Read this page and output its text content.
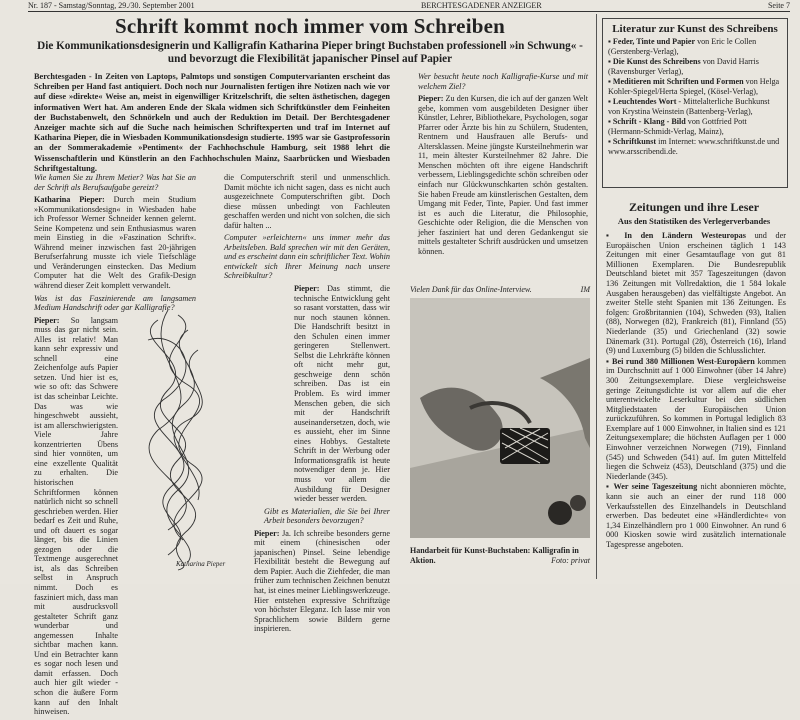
Nr. 187 - Samstag/Sonntag, 29./30. September 2001	BERCHTESGADENER ANZEIGER	Seite 7
Schrift kommt noch immer vom Schreiben
Die Kommunikationsdesignerin und Kalligrafin Katharina Pieper bringt Buchstaben professionell »in Schwung« - und bevorzugt die Flexibilität japanischer Pinsel auf Papier
Berchtesgaden - In Zeiten von Laptops, Palmtops und sonstigen Computervarianten erscheint das Schreiben per Hand fast antiquiert. Doch noch nur Journalisten fertigen ihre Notizen nach wie vor auf diese »direkte« Weise an, meist in eigenwilliger Kritzelschrift, die selten ästhetischen, dagegen informativen Wert hat. Am anderen Ende der Skala widmen sich Schriftkünstler dem Feinheiten der Buchstabenwelt, den Schnörkeln und auch der Reduktion im Detail. Der Berchtesgadener Anzeiger machte sich auf die Suche nach heimischen Schriftexperten und traf im Internet auf Katharina Pieper, die in Wiesbaden Kommunikationsdesign studierte. 1995 war sie Gastprofessorin an der Sommerakademie »Pentiment« der Fachhochschule Hamburg, seit 1988 lehrt die Wissenschaftlerin und Künstlerin an den Fachhochschulen Mainz, Saarbrücken und Wiesbaden Schriftgestaltung.

Wie kamen Sie zu Ihrem Metier? Was hat Sie an der Schrift als Berufsaufgabe gereizt?

Katharina Pieper: Durch mein Studium »Kommunikationsdesign« in Wiesbaden habe ich Professor Werner Schneider kennen gelernt. Seine Kompetenz und sein Enthusiasmus waren mein Einstieg in die »Faszination Schrift«. Während meiner inzwischen fast 20-jährigen Berufserfahrung musste ich viele Tiefschläge und Veränderungen einstecken. Das Medium Computer hat die Welt des Grafik-Design während dieser Zeit komplett verwandelt.

Was ist das Faszinierende am langsamen Medium Handschrift oder gar Kalligrafie?

Pieper: So langsam muss das gar nicht sein. Alles ist relativ! Man kann sehr expressiv und schnell eine Zeichenfolge aufs Papier setzen. Und hier ist es, wie so oft: das Schwere ist das scheinbar Leichte. Das was wie hingeschwebt aussieht, ist am allerschwierigsten. Viele Jahre konzentrierten Übens sind hier vonnöten, um eine exzellente Qualität zu erhalten. Die historischen Schriftformen können natürlich nicht so schnell geschrieben werden. Hier bedarf es Zeit und Ruhe, und oft dauert es sogar länger, bis die Linien gezogen oder die Textmenge ausgerechnet ist, als das Schreiben selbst in Anspruch nimmt. Doch es fasziniert mich, dass man mit ausdrucksvoll gestalteter Schrift ganz wunderbar und angemessen Inhalte sichtbar machen kann. Und ein Betrachter kann es sogar noch lesen und damit erfassen. Doch auch hier gilt wieder - schon die äußere Form kann auf den Inhalt hinweisen.

Katharina Pieper

die Computerschrift steril und unmenschlich. Damit möchte ich nicht sagen, dass es nicht auch ausgezeichnete Computerschriften gibt. Doch diese müssen unbedingt von Fachleuten geschaffen werden und nicht von solchen, die sich dafür halten ...

Computer »erleichtern« uns immer mehr das Arbeitsleben. Bald sprechen wir mit den Geräten, und es erscheint dann ein schriftlicher Text. Wohin entwickelt sich Ihrer Meinung nach unsere Schreibkultur?

Pieper: Das stimmt, die technische Entwicklung geht so rasant vorstatten, dass wir nur noch staunen können. Die Handschrift besitzt in den Schulen einen immer geringeren Stellenwert. Selbst die Lehrkräfte können oft nicht mehr gut, geschweige denn schön schreiben. Das ist ein Problem. Es wird immer Menschen geben, die sich mit der Handschrift auseinandersetzen, doch, wie es aussieht, eher im Sinne eines Hobbys. Gestaltete Schrift in der Werbung oder Informationsgrafik ist heute notwendiger denn je. Hier muss vor allem die Ausbildung für Designer wieder besser werden.

Gibt es Materialien, die Sie bei Ihrer Arbeit besonders bevorzugen?

Pieper: Ja. Ich schreibe besonders gerne mit einem (chinesischen oder japanischen) Pinsel. Seine lebendige Flexibilität besteht die Bewegung auf dem Papier. Auch die Ziehfeder, die man früher zum technischen Zeichnen benutzt hat, ist eines meiner Lieblingswerkzeuge. Hier entstehen expressive Schriftzüge von höchster Eleganz. Ich lasse mir von Sprachlichem sowie Bildern gerne inspirieren.

Wer besucht heute noch Kalligrafie-Kurse und mit welchem Ziel?

Pieper: Zu den Kursen, die ich auf der ganzen Welt gebe, kommen vom ausgebildeten Designer über Künstler, Lehrer, Bibliothekare, Psychologen, sogar Pfarrer oder Ärzte bis hin zu Schülern, Studenten, Rentnern und Hausfrauen alle Berufs- und Altersklassen. Meine jüngste Kursteilnehmerin war 11, mein ältester Kursteilnehmer 82 Jahre. Die Menschen möchten oft ihre eigene Handschrift verbessern, Lieblingsgedichte schön schreiben oder einfach nur Glückwunschkarten schön gestalten. Sie haben Freude am künstlerischen Gestalten, dem Umgang mit Feder, Tinte, Papier. Und fast immer ist es auch die Literatur, die Philosophie, Geschichte oder Religion, die die Menschen von jeher fasziniert hat und deren Gedankengut sie mittels gestalteter Schrift ausdrücken und umsetzen können.

Vielen Dank für das Online-Interview.	IM
Handarbeit für Kunst-Buchstaben: Kalligrafin in Aktion.	Foto: privat
Literatur zur Kunst des Schreibens
▪ Feder, Tinte und Papier von Eric le Collen (Gerstenberg-Verlag),
▪ Die Kunst des Schreibens von David Harris (Ravensburger Verlag),
▪ Meditieren mit Schriften und Formen von Helga Kohler-Spiegel/Herta Spiegel, (Kösel-Verlag),
▪ Leuchtendes Wort - Mittelalterliche Buchkunst von Krystina Weinstein (Battenberg-Verlag),
▪ Schrift - Klang - Bild von Gottfried Pott (Hermann-Schmidt-Verlag, Mainz),
▪ Schriftkunst im Internet: www.schriftkunst.de und www.arsscribendi.de.
Zeitungen und ihre Leser
Aus den Statistiken des Verlegerverbandes

▪ In den Ländern Westeuropas und der Europäischen Union erscheinen täglich 1 143 Zeitungen mit einer Gesamtauflage von gut 81 Millionen Exemplaren. Die Bundesrepublik Deutschland bietet mit 357 Tageszeitungen (davon 136 Zeitungen mit Vollredaktion, die 1 584 lokale Ausgaben herausgeben) das vielfältigste Angebot. An zweiter Stelle steht Spanien mit 136 Zeitungen. Es folgen: Großbritannien (104), Schweden (93), Italien (88), Norwegen (82), Frankreich (81), Finnland (55) Niederlande (35) und Griechenland (32) sowie Dänemark (31). Portugal (28), Österreich (16), Irland (9) und Luxemburg (5) bilden die Schlusslichter.

▪ Bei rund 380 Millionen West-Europäern kommen im Durchschnitt auf 1 000 Einwohner (über 14 Jahre) 300 Zeitungsexemplare. Diese vergleichsweise geringe Zeitungsdichte ist vor allem auf die eher unterentwickelte Leserkultur bei den südlichen Mitgliedstaaten der Europäischen Union zurückzuführen. So kommen in Portugal lediglich 83 Exemplare auf 1 000 Einwohner, in Italien sind es 121 Zeitungsexemplare; die höchsten Auflagen per 1 000 Einwohner verzeichnen Norwegen (719), Finnland (545) und Schweden (541) auf. Im guten Mittelfeld liegen die Schweiz (453), Deutschland (375) und die Niederlande (345).

▪ Wer seine Tageszeitung nicht abonnieren möchte, kann sie auch an einer der rund 118 000 Verkaufsstellen des Einzelhandels in Deutschland erwerben. Das bedeutet eine »Händlerdichte« von 1,34 Einzelhändlern pro 1 000 Einwohner. An rund 6 000 Kiosken sowie wird zusätzlich internationale Tagespresse angeboten.
